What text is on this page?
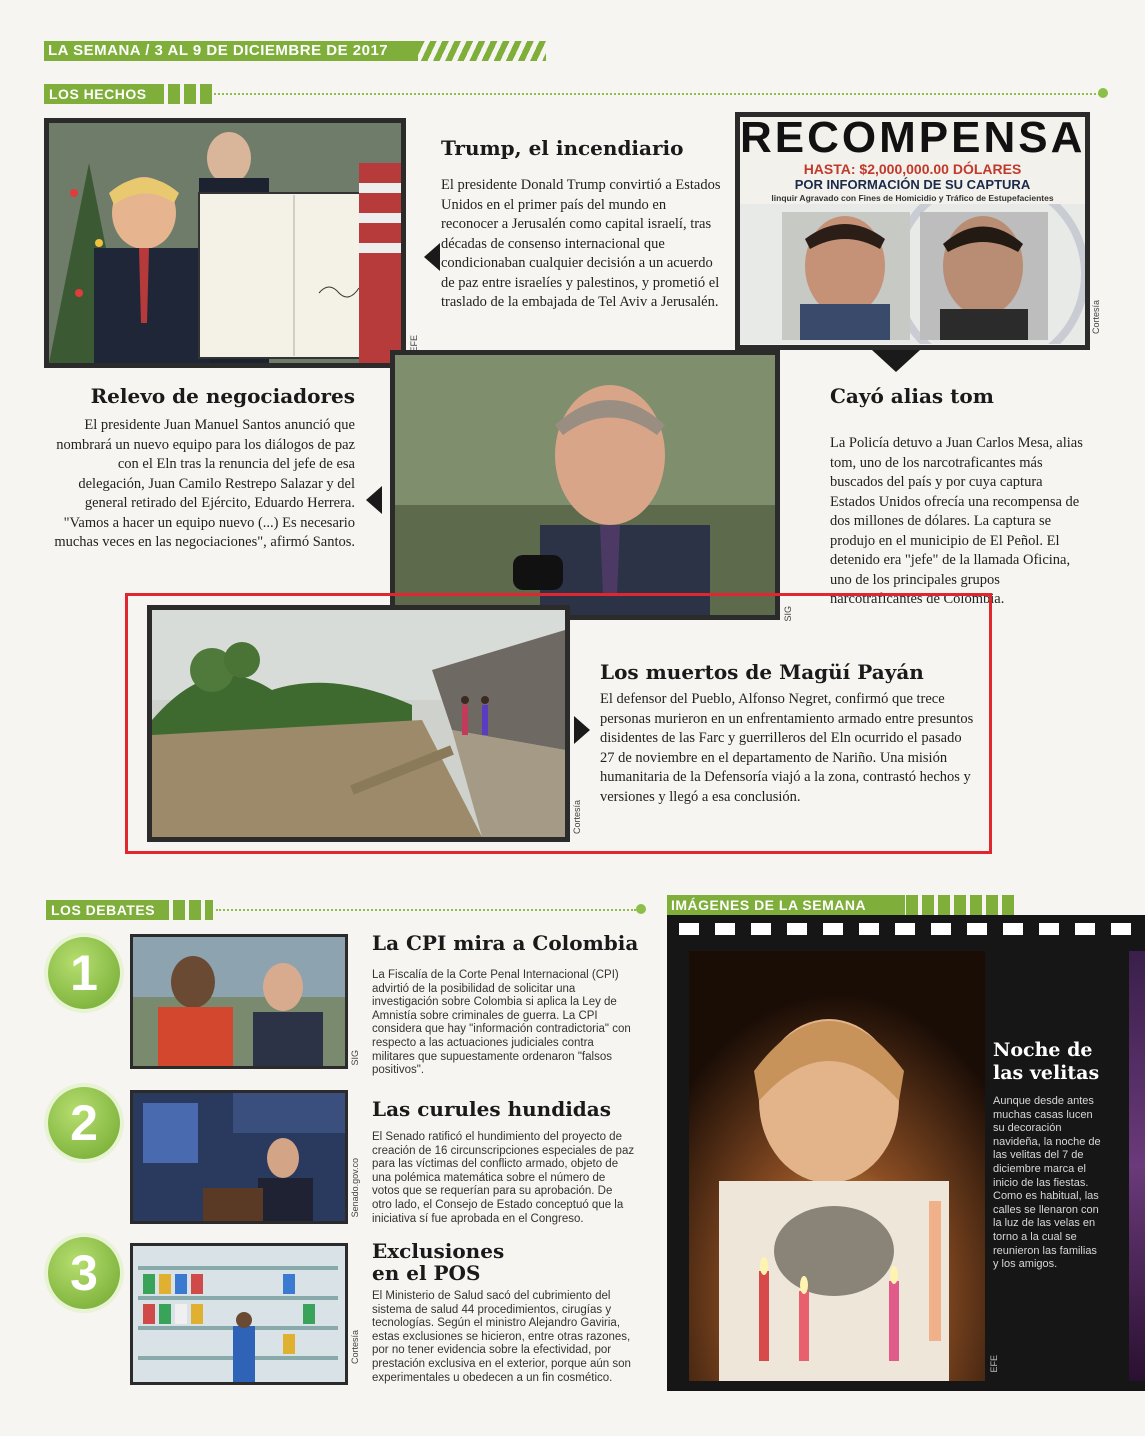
LA SEMANA / 3 AL 9 DE DICIEMBRE DE 2017
LOS HECHOS
EFE
Trump, el incendiario
El presidente Donald Trump convirtió a Estados Unidos en el primer país del mundo en reconocer a Jerusalén como capital israelí, tras décadas de consenso internacional que condicionaban cualquier decisión a un acuerdo de paz entre israelíes y palestinos, y prometió el traslado de la embajada de Tel Aviv a Jerusalén.
RECOMPENSA
HASTA: $2,000,000.00 DÓLARES
POR INFORMACIÓN DE SU CAPTURA
linquir Agravado con Fines de Homicidio y Tráfico de Estupefacientes
Cortesía
SIG
Relevo de negociadores
El presidente Juan Manuel Santos anunció que nombrará un nuevo equipo para los diálogos de paz con el Eln tras la renuncia del jefe de esa delegación, Juan Camilo Restrepo Salazar y del general retirado del Ejército, Eduardo Herrera. "Vamos a hacer un equipo nuevo (...) Es necesario muchas veces en las negociaciones", afirmó Santos.
Cayó alias tom
La Policía detuvo a Juan Carlos Mesa, alias tom, uno de los narcotraficantes más buscados del país y por cuya captura Estados Unidos ofrecía una recompensa de dos millones de dólares. La captura se produjo en el municipio de El Peñol. El detenido era "jefe" de la llamada Oficina, uno de los principales grupos narcotraficantes de Colombia.
Cortesía
Los muertos de Magüí Payán
El defensor del Pueblo, Alfonso Negret, confirmó que trece personas murieron en un enfrentamiento armado entre presuntos disidentes de las Farc y guerrilleros del Eln ocurrido el pasado 27 de noviembre en el departamento de Nariño. Una misión humanitaria de la Defensoría viajó a la zona, contrastó hechos y versiones y llegó a esa conclusión.
LOS DEBATES
1
SIG
La CPI mira a Colombia
La Fiscalía de la Corte Penal Internacional (CPI) advirtió de la posibilidad de solicitar una investigación sobre Colombia si aplica la Ley de Amnistía sobre criminales de guerra. La CPI considera que hay "información contradictoria" con respecto a las actuaciones judiciales contra militares que supuestamente ordenaron "falsos positivos".
2
Senado.gov.co
Las curules hundidas
El Senado ratificó el hundimiento del proyecto de creación de 16 circunscripciones especiales de paz para las víctimas del conflicto armado, objeto de una polémica matemática sobre el número de votos que se requerían para su aprobación. De otro lado, el Consejo de Estado conceptuó que la iniciativa sí fue aprobada en el Congreso.
3
Cortesía
Exclusiones en el POS
El Ministerio de Salud sacó del cubrimiento del sistema de salud 44 procedimientos, cirugías y tecnologías. Según el ministro Alejandro Gaviria, estas exclusiones se hicieron, entre otras razones, por no tener evidencia sobre la efectividad, por prestación exclusiva en el exterior, porque aún son experimentales u obedecen a un fin cosmético.
IMÁGENES DE LA SEMANA
EFE
Noche de las velitas
Aunque desde antes muchas casas lucen su decoración navideña, la noche de las velitas del 7 de diciembre marca el inicio de las fiestas. Como es habitual, las calles se llenaron con la luz de las velas en torno a la cual se reunieron las familias y los amigos.
